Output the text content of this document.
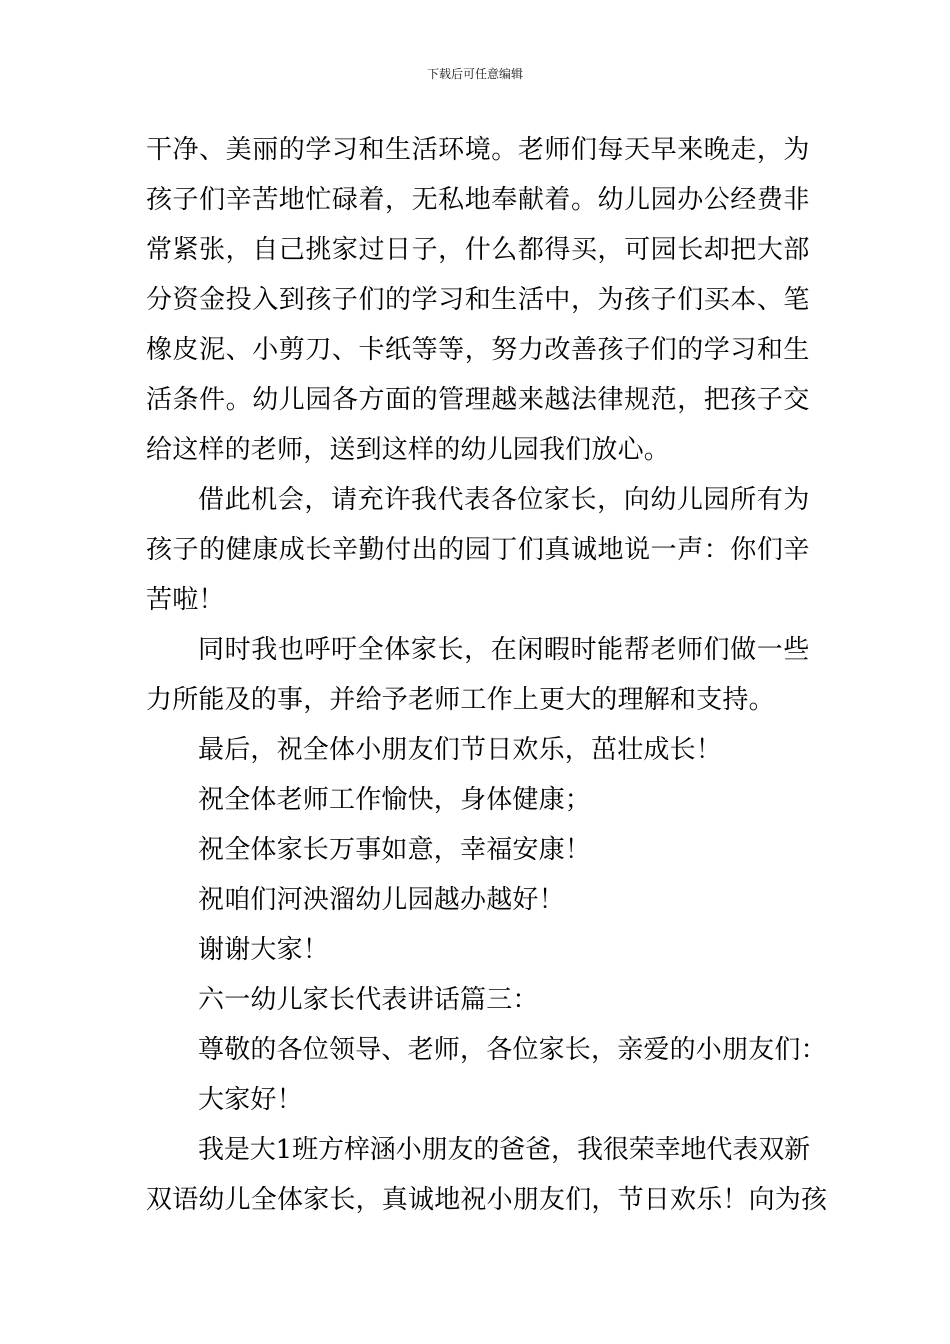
下载后可任意编辑
干净、美丽的学习和生活环境。老师们每天早来晚走，为
孩子们辛苦地忙碌着，无私地奉献着。幼儿园办公经费非
常紧张，自己挑家过日子，什么都得买，可园长却把大部
分资金投入到孩子们的学习和生活中，为孩子们买本、笔
橡皮泥、小剪刀、卡纸等等，努力改善孩子们的学习和生
活条件。幼儿园各方面的管理越来越法律规范，把孩子交
给这样的老师，送到这样的幼儿园我们放心。
借此机会，请充许我代表各位家长，向幼儿园所有为
孩子的健康成长辛勤付出的园丁们真诚地说一声：你们辛
苦啦！
同时我也呼吁全体家长，在闲暇时能帮老师们做一些
力所能及的事，并给予老师工作上更大的理解和支持。
最后，祝全体小朋友们节日欢乐，茁壮成长！
祝全体老师工作愉快，身体健康；
祝全体家长万事如意，幸福安康！
祝咱们河泱溜幼儿园越办越好！
谢谢大家！
六一幼儿家长代表讲话篇三：
尊敬的各位领导、老师，各位家长，亲爱的小朋友们：
大家好！
我是大1班方梓涵小朋友的爸爸，我很荣幸地代表双新
双语幼儿全体家长，真诚地祝小朋友们，节日欢乐！向为孩
